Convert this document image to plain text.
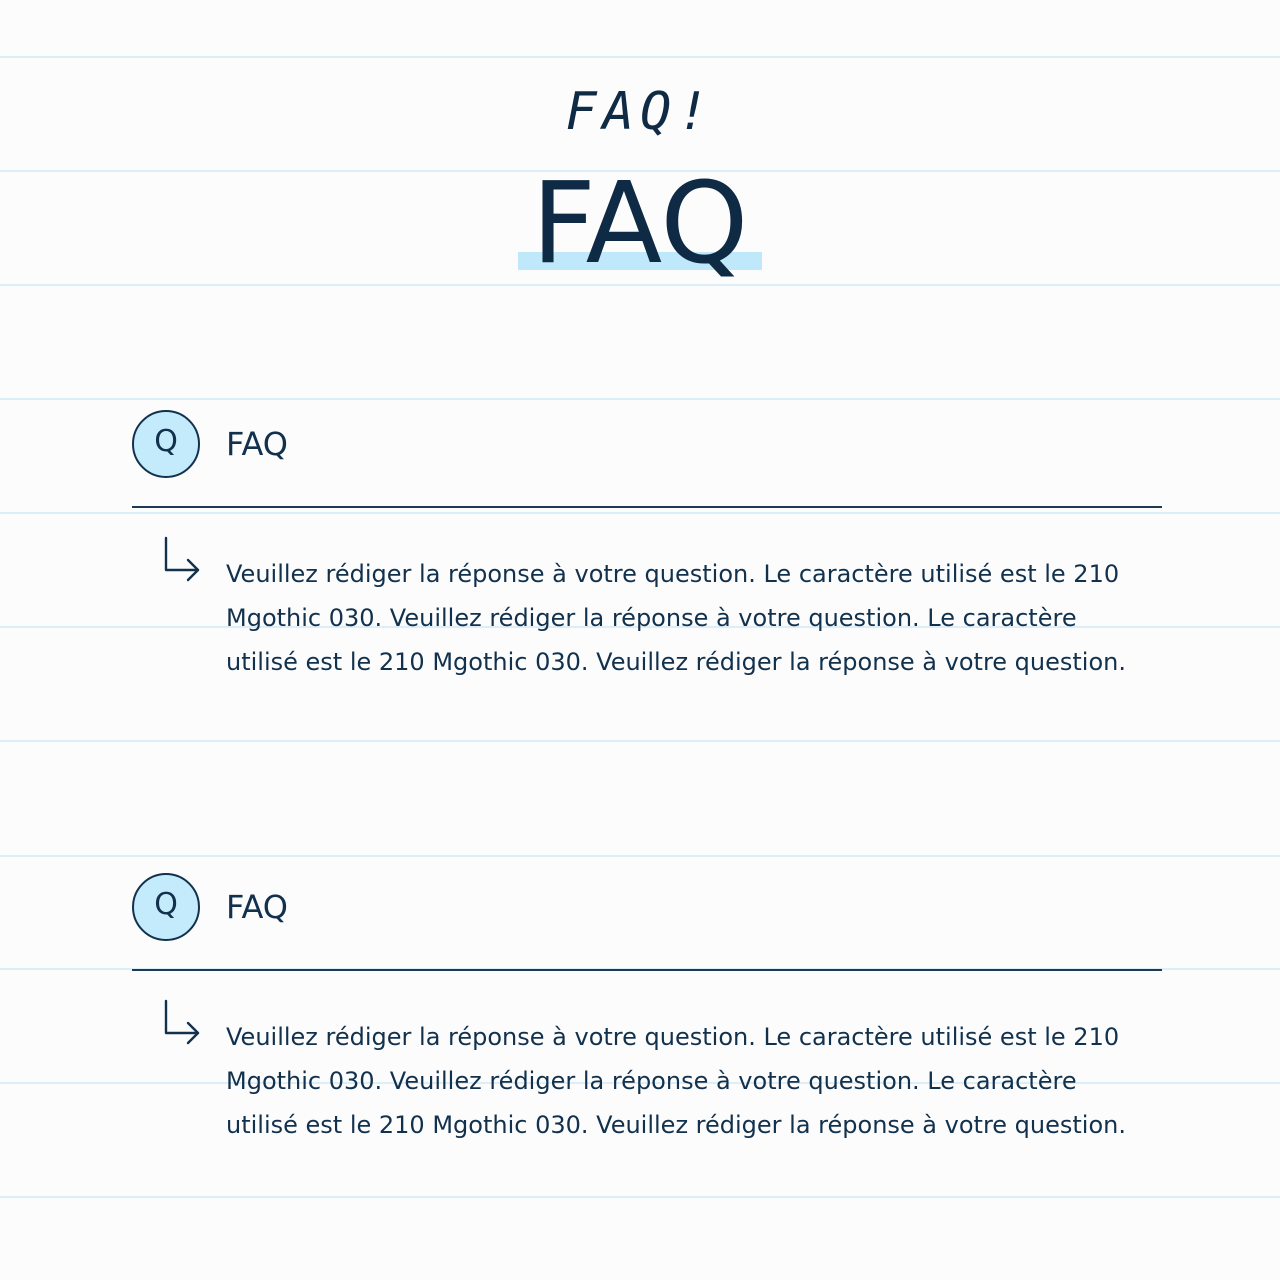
FAQ!
FAQ
Q	FAQ
Veuillez rédiger la réponse à votre question. Le caractère utilisé est le 210 Mgothic 030. Veuillez rédiger la réponse à votre question. Le caractère utilisé est le 210 Mgothic 030. Veuillez rédiger la réponse à votre question.
Q	FAQ
Veuillez rédiger la réponse à votre question. Le caractère utilisé est le 210 Mgothic 030. Veuillez rédiger la réponse à votre question. Le caractère utilisé est le 210 Mgothic 030. Veuillez rédiger la réponse à votre question.
